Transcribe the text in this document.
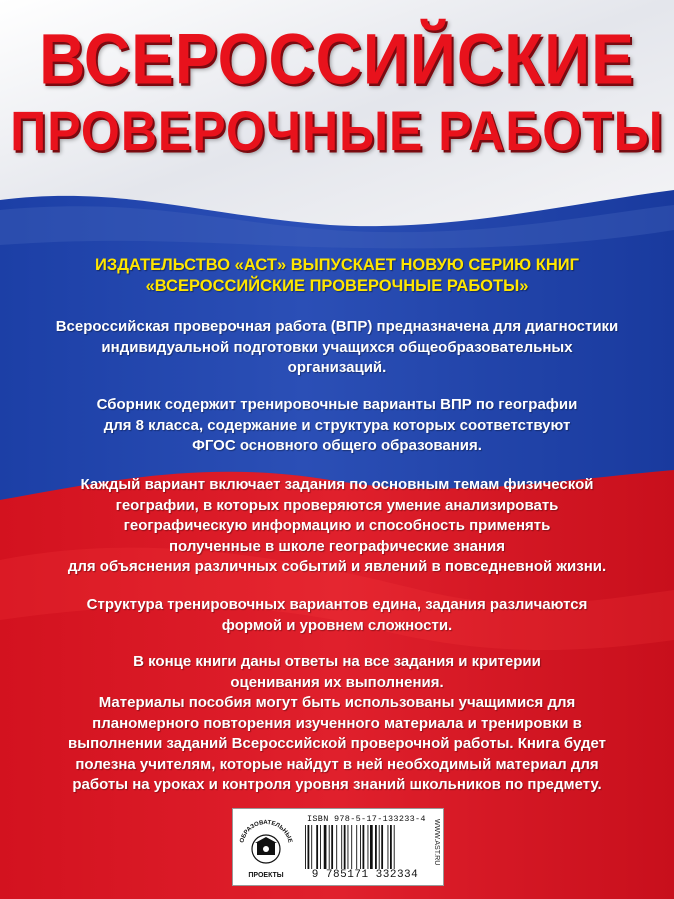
ВСЕРОССИЙСКИЕ
ПРОВЕРОЧНЫЕ РАБОТЫ
ИЗДАТЕЛЬСТВО «АСТ» ВЫПУСКАЕТ НОВУЮ СЕРИЮ КНИГ
«ВСЕРОССИЙСКИЕ ПРОВЕРОЧНЫЕ РАБОТЫ»
Всероссийская проверочная работа (ВПР) предназначена для диагностики
индивидуальной подготовки учащихся общеобразовательных
организаций.
Сборник содержит тренировочные варианты ВПР по географии
для 8 класса, содержание и структура которых соответствуют
ФГОС основного общего образования.
Каждый вариант включает задания по основным темам физической
географии, в которых проверяются умение анализировать
географическую информацию и способность применять
полученные в школе географические знания
для объяснения различных событий и явлений в повседневной жизни.
Структура тренировочных вариантов едина, задания различаются
формой и уровнем сложности.
В конце книги даны ответы на все задания и критерии
оценивания их выполнения.
Материалы пособия могут быть использованы учащимися для
планомерного повторения изученного материала и тренировки в
выполнении заданий Всероссийской проверочной работы. Книга будет
полезна учителям, которые найдут в ней необходимый материал для
работы на уроках и контроля уровня знаний школьников по предмету.
ОБРАЗОВАТЕЛЬНЫЕ
ПРОЕКТЫ
ISBN 978-5-17-133233-4
9 785171 332334
WWW.AST.RU
